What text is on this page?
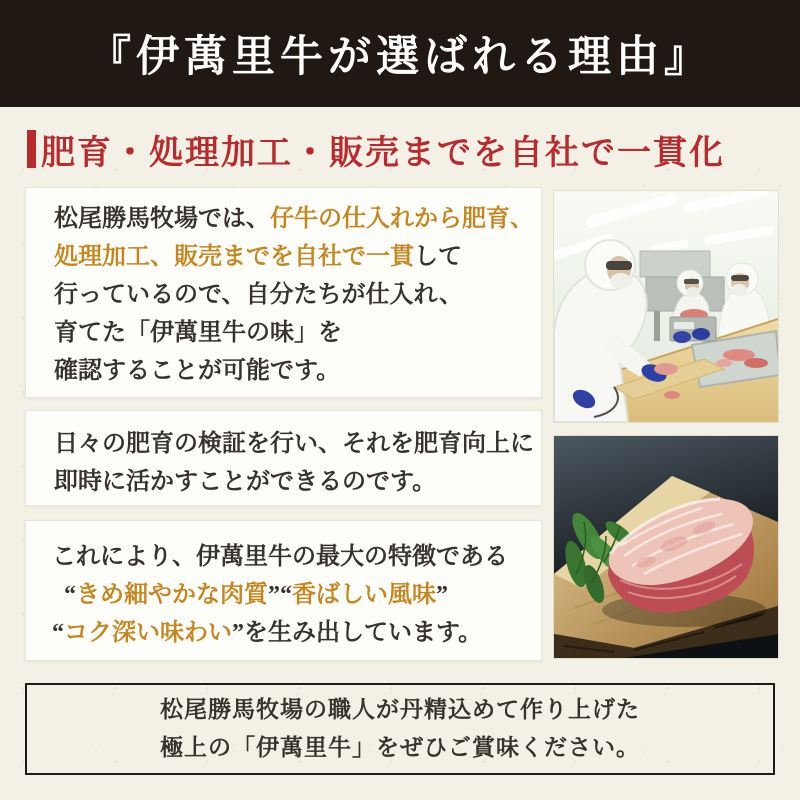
『伊萬里牛が選ばれる理由』
肥育・処理加工・販売までを自社で一貫化

松尾勝馬牧場では、仔牛の仕入れから肥育、

処理加工、販売までを自社で一貫して

行っているので、自分たちが仕入れ、

育てた「伊萬里牛の味」を

確認することが可能です。

日々の肥育の検証を行い、それを肥育向上に

即時に活かすことができるのです。

これにより、伊萬里牛の最大の特徴である

“きめ細やかな肉質”“香ばしい風味”

“コク深い味わい”を生み出しています。

松尾勝馬牧場の職人が丹精込めて作り上げた

極上の「伊萬里牛」をぜひご賞味ください。
